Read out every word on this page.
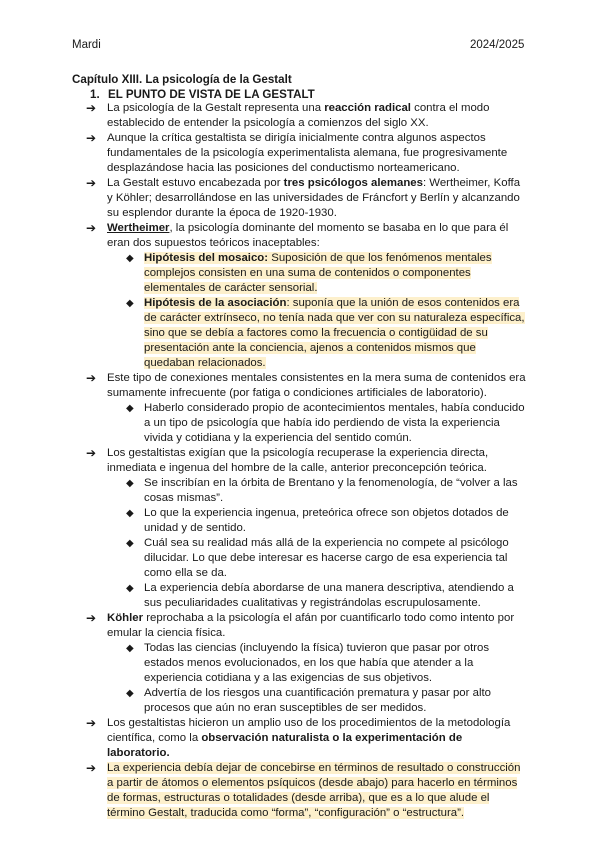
Mardi	2024/2025
Capítulo XIII. La psicología de la Gestalt
1. EL PUNTO DE VISTA DE LA GESTALT
➔ La psicología de la Gestalt representa una reacción radical contra el modo establecido de entender la psicología a comienzos del siglo XX.
➔ Aunque la crítica gestaltista se dirigía inicialmente contra algunos aspectos fundamentales de la psicología experimentalista alemana, fue progresivamente desplazándose hacia las posiciones del conductismo norteamericano.
➔ La Gestalt estuvo encabezada por tres psicólogos alemanes: Wertheimer, Koffa y Köhler; desarrollándose en las universidades de Fráncfort y Berlín y alcanzando su esplendor durante la época de 1920-1930.
➔ Wertheimer, la psicología dominante del momento se basaba en lo que para él eran dos supuestos teóricos inaceptables:
◆ Hipótesis del mosaico: Suposición de que los fenómenos mentales complejos consisten en una suma de contenidos o componentes elementales de carácter sensorial.
◆ Hipótesis de la asociación: suponía que la unión de esos contenidos era de carácter extrínseco, no tenía nada que ver con su naturaleza específica, sino que se debía a factores como la frecuencia o contigüidad de su presentación ante la conciencia, ajenos a contenidos mismos que quedaban relacionados.
➔ Este tipo de conexiones mentales consistentes en la mera suma de contenidos era sumamente infrecuente (por fatiga o condiciones artificiales de laboratorio).
◆ Haberlo considerado propio de acontecimientos mentales, había conducido a un tipo de psicología que había ido perdiendo de vista la experiencia vivida y cotidiana y la experiencia del sentido común.
➔ Los gestaltistas exigían que la psicología recuperase la experiencia directa, inmediata e ingenua del hombre de la calle, anterior preconcepción teórica.
◆ Se inscribían en la órbita de Brentano y la fenomenología, de “volver a las cosas mismas”.
◆ Lo que la experiencia ingenua, preteórica ofrece son objetos dotados de unidad y de sentido.
◆ Cuál sea su realidad más allá de la experiencia no compete al psicólogo dilucidar. Lo que debe interesar es hacerse cargo de esa experiencia tal como ella se da.
◆ La experiencia debía abordarse de una manera descriptiva, atendiendo a sus peculiaridades cualitativas y registrándolas escrupulosamente.
➔ Köhler reprochaba a la psicología el afán por cuantificarlo todo como intento por emular la ciencia física.
◆ Todas las ciencias (incluyendo la física) tuvieron que pasar por otros estados menos evolucionados, en los que había que atender a la experiencia cotidiana y a las exigencias de sus objetivos.
◆ Advertía de los riesgos una cuantificación prematura y pasar por alto procesos que aún no eran susceptibles de ser medidos.
➔ Los gestaltistas hicieron un amplio uso de los procedimientos de la metodología científica, como la observación naturalista o la experimentación de laboratorio.
➔ La experiencia debía dejar de concebirse en términos de resultado o construcción a partir de átomos o elementos psíquicos (desde abajo) para hacerlo en términos de formas, estructuras o totalidades (desde arriba), que es a lo que alude el término Gestalt, traducida como “forma”, “configuración” o “estructura”.
